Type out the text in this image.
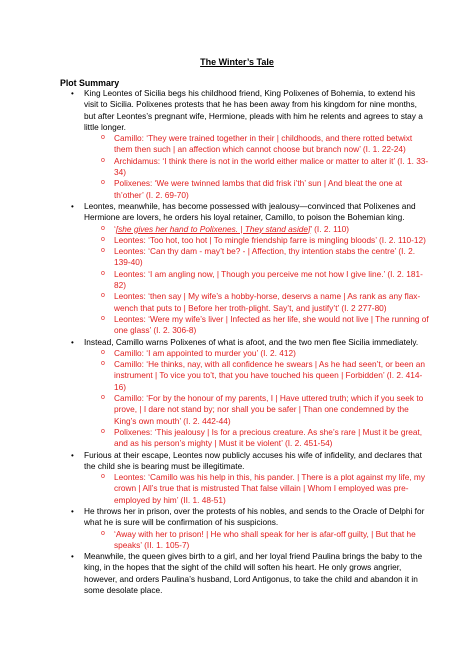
The Winter’s Tale
Plot Summary

• King Leontes of Sicilia begs his childhood friend, King Polixenes of Bohemia, to extend his visit to Sicilia. Polixenes protests that he has been away from his kingdom for nine months, but after Leontes’s pregnant wife, Hermione, pleads with him he relents and agrees to stay a little longer.

o Camillo: ‘They were trained together in their | childhoods, and there rotted betwixt them then such | an affection which cannot choose but branch now’ (I. 1. 22-24)

o Archidamus: ‘I think there is not in the world either malice or matter to alter it’ (I. 1. 33-34)

o Polixenes: ‘We were twinned lambs that did frisk i’th’ sun | And bleat the one at th’other’ (I. 2. 69-70)

• Leontes, meanwhile, has become possessed with jealousy—convinced that Polixenes and Hermione are lovers, he orders his loyal retainer, Camillo, to poison the Bohemian king.

o ‘[she gives her hand to Polixenes. | They stand aside]’ (I. 2. 110)

o Leontes: ‘Too hot, too hot | To mingle friendship farre is mingling bloods’ (I. 2. 110-12)

o Leontes: ‘Can thy dam - may’t be? - | Affection, thy intention stabs the centre’ (I. 2. 139-40)

o Leontes: ‘I am angling now, | Though you perceive me not how I give line.’ (I. 2. 181-82)

o Leontes: ‘then say | My wife’s a hobby-horse, deservs a name | As rank as any flax-wench that puts to | Before her troth-plight. Say’t, and justify’t’ (I. 2 277-80)

o Leontes: ‘Were my wife’s liver | Infected as her life, she would not live | The running of one glass’ (I. 2. 306-8)

• Instead, Camillo warns Polixenes of what is afoot, and the two men flee Sicilia immediately.

o Camillo: ‘I am appointed to murder you’ (I. 2. 412)

o Camillo: ‘He thinks, nay, with all confidence he swears | As he had seen’t, or been an instrument | To vice you to’t, that you have touched his queen | Forbidden’ (I. 2. 414-16)

o Camillo: ‘For by the honour of my parents, I | Have uttered truth; which if you seek to prove, | I dare not stand by; nor shall you be safer | Than one condemned by the King’s own mouth’ (I. 2. 442-44)

o Polixenes: ‘This jealousy | Is for a precious creature. As she’s rare | Must it be great, and as his person’s mighty | Must it be violent’ (I. 2. 451-54)

• Furious at their escape, Leontes now publicly accuses his wife of infidelity, and declares that the child she is bearing must be illegitimate.

o Leontes: ‘Camillo was his help in this, his pander. | There is a plot against my life, my crown | All’s true that is mistrusted That false villain | Whom I employed was pre-employed by him’ (II. 1. 48-51)

• He throws her in prison, over the protests of his nobles, and sends to the Oracle of Delphi for what he is sure will be confirmation of his suspicions.

o ‘Away with her to prison! | He who shall speak for her is afar-off guilty, | But that he speaks’ (II. 1. 105-7)

• Meanwhile, the queen gives birth to a girl, and her loyal friend Paulina brings the baby to the king, in the hopes that the sight of the child will soften his heart. He only grows angrier, however, and orders Paulina’s husband, Lord Antigonus, to take the child and abandon it in some desolate place.
